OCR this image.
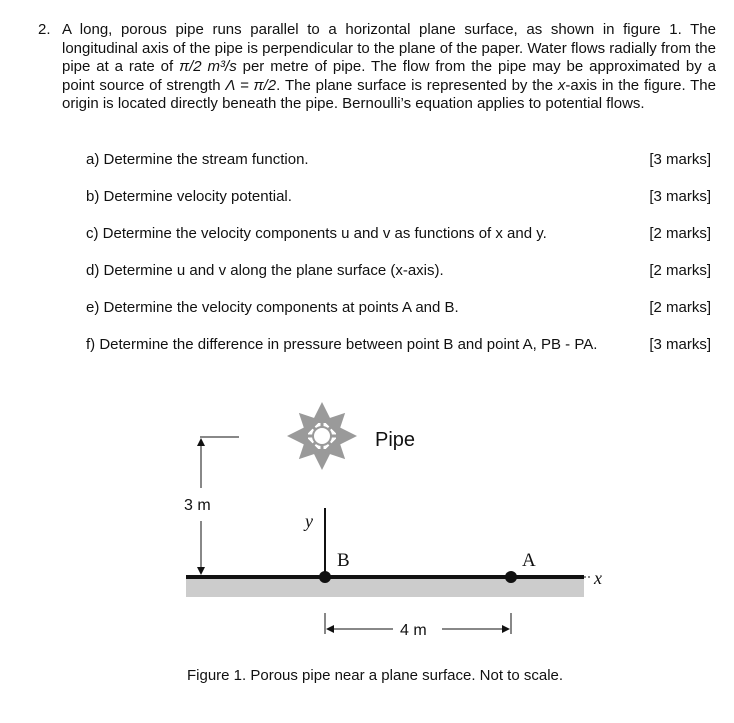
2. A long, porous pipe runs parallel to a horizontal plane surface, as shown in figure 1. The longitudinal axis of the pipe is perpendicular to the plane of the paper. Water flows radially from the pipe at a rate of π/2 m³/s per metre of pipe. The flow from the pipe may be approximated by a point source of strength Λ = π/2. The plane surface is represented by the x-axis in the figure. The origin is located directly beneath the pipe. Bernoulli’s equation applies to potential flows.
a) Determine the stream function.	[3 marks]
b) Determine velocity potential.	[3 marks]
c) Determine the velocity components u and v as functions of x and y.	[2 marks]
d) Determine u and v along the plane surface (x-axis).	[2 marks]
e) Determine the velocity components at points A and B.	[2 marks]
f) Determine the difference in pressure between point B and point A, PB - PA.	[3 marks]
Pipe
3 m
x
y
B	A
4 m
Figure 1. Porous pipe near a plane surface. Not to scale.
